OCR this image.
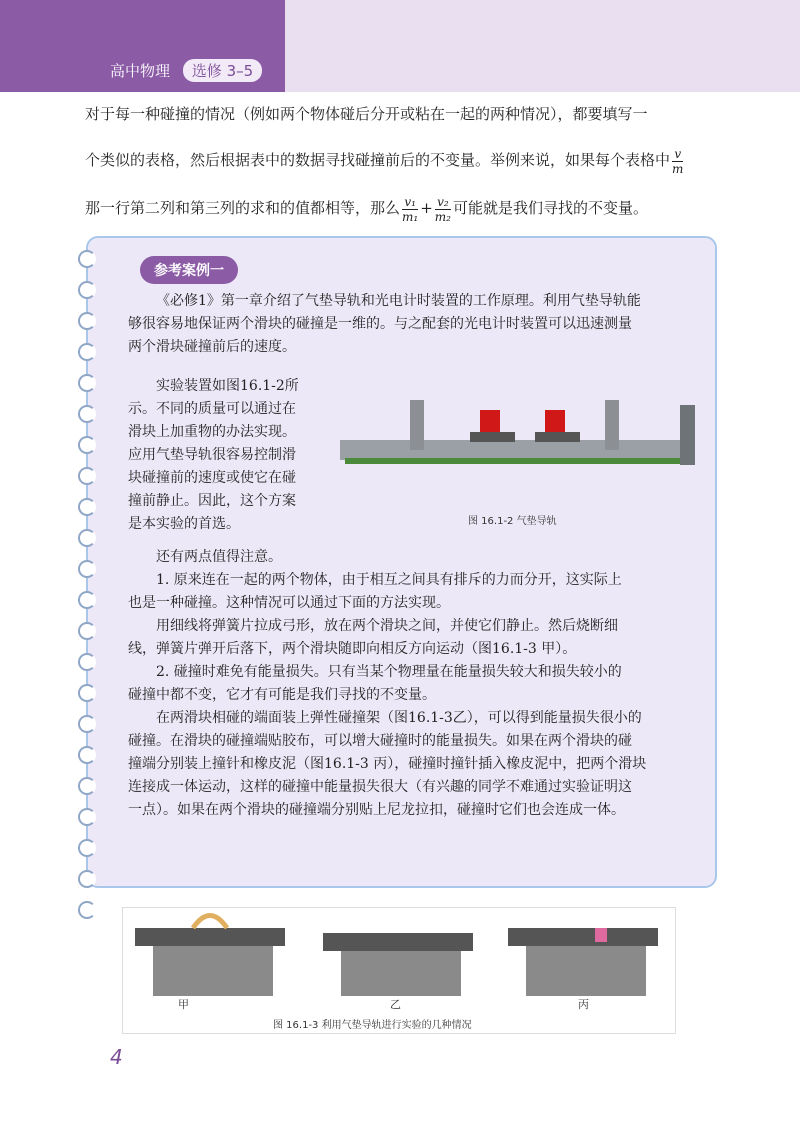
高中物理 选修 3–5
对于每一种碰撞的情况（例如两个物体碰后分开或粘在一起的两种情况），都要填写一
个类似的表格，然后根据表中的数据寻找碰撞前后的不变量。举例来说，如果每个表格中 $\frac{v}{m}$
那一行第二列和第三列的求和的值都相等，那么 $\frac{\text{v₁}}{\text{m₁}} + \frac{\text{v₂}}{\text{m₂}}$ 可能就是我们寻找的不变量。
参考案例一
《必修1》第一章介绍了气垫导轨和光电计时装置的工作原理。利用气垫导轨能
够很容易地保证两个滑块的碰撞是一维的。与之配套的光电计时装置可以迅速测量
两个滑块碰撞前后的速度。
实验装置如图16.1-2所
示。不同的质量可以通过在
滑块上加重物的办法实现。
应用气垫导轨很容易控制滑
块碰撞前的速度或使它在碰
撞前静止。因此，这个方案
是本实验的首选。	图 16.1-2 气垫导轨
还有两点值得注意。
1. 原来连在一起的两个物体，由于相互之间具有排斥的力而分开，这实际上
也是一种碰撞。这种情况可以通过下面的方法实现。
用细线将弹簧片拉成弓形，放在两个滑块之间，并使它们静止。然后烧断细
线，弹簧片弹开后落下，两个滑块随即向相反方向运动（图16.1-3 甲）。
2. 碰撞时难免有能量损失。只有当某个物理量在能量损失较大和损失较小的
碰撞中都不变，它才有可能是我们寻找的不变量。
在两滑块相碰的端面装上弹性碰撞架（图16.1-3乙），可以得到能量损失很小的
碰撞。在滑块的碰撞端贴胶布，可以增大碰撞时的能量损失。如果在两个滑块的碰
撞端分别装上撞针和橡皮泥（图16.1-3 丙），碰撞时撞针插入橡皮泥中，把两个滑块
连接成一体运动，这样的碰撞中能量损失很大（有兴趣的同学不难通过实验证明这
一点）。如果在两个滑块的碰撞端分别贴上尼龙拉扣，碰撞时它们也会连成一体。
甲	乙	丙
图 16.1-3 利用气垫导轨进行实验的几种情况
4
